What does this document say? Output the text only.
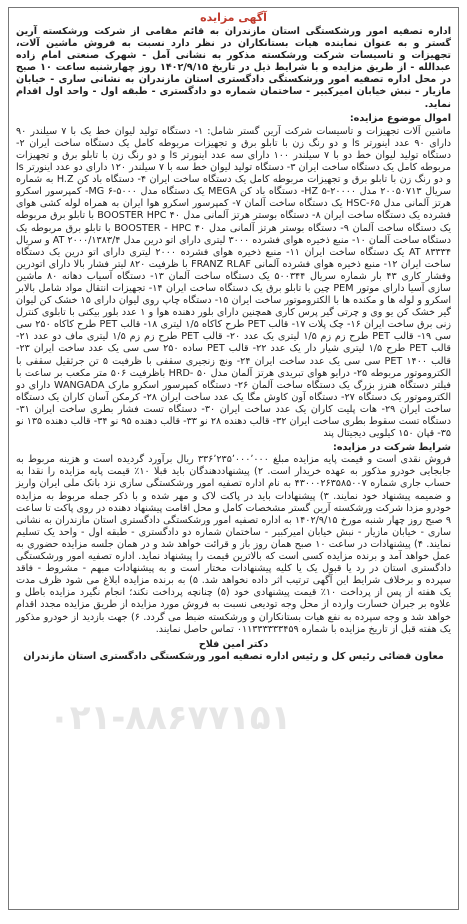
۰۲۱-۸۸۶۷۷۱۵۱
آگهی مزایده

اداره تصفیه امور ورشکستگی استان مازندران به قائم مقامی از شرکت ورشکسته آرین گستر و به عنوان نماینده هیات بستانکاران در نظر دارد نسبت به فروش ماشین آلات، تجهیزات و تاسیسات شرکت ورشکسته مذکور به نشانی آمل - شهرک صنعتی امام زاده عبدالله - از طریق مزایده و با شرایط ذیل در تاریخ ۱۴۰۲/۹/۱۵ روز چهارشنبه ساعت ۱۰ صبح در محل اداره تصفیه امور ورشکستگی دادگستری استان مازندران به نشانی ساری - خیابان مازیار - نبش خیابان امیرکبیر - ساختمان شماره دو دادگستری - طبقه اول - واحد اول اقدام نماید.

اموال موضوع مزایده:

ماشین آلات تجهیزات و تاسیسات شرکت آرین گستر شامل: ۱- دستگاه تولید لیوان خط یک با ۷ سیلندر ۹۰ دارای ۹۰ عدد اینورتر ls و دو رنگ زن با تابلو برق و تجهیزات مربوطه کامل یک دستگاه ساخت ایران ۲- دستگاه تولید لیوان خط دو با ۷ سیلندر ۱۰۰ دارای سه عدد اینورتر ls و دو رنگ زن با تابلو برق و تجهیزات مربوطه کامل یک دستگاه ساخت ایران ۳- دستگاه تولید لیوان خط سه با ۷ سیلندر ۱۲۰ دارای دو عدد اینورتر ls و دو رنگ زن با تابلو برق و تجهیزات مربوطه کامل یک دستگاه ساخت ایران ۴- دستگاه باد کن H.Z به شماره سریال ۲۰۰۵۰۷۱۳ مدل ۲۰۰۰۰-HZ ۵- دستگاه باد کن MEGA یک دستگاه مدل ۵۰۰۰-MG ۶- کمپرسور اسکرو هرتز آلمانی مدل HSC-۶۵ یک دستگاه ساخت آلمان ۷- کمپرسور اسکرو هوا ایران به همراه لوله کشی هوای فشرده یک دستگاه ساخت ایران ۸- دستگاه بوستر هرتز آلمانی مدل ۴۰ BOOSTER HPC با تابلو برق مربوطه یک دستگاه ساخت آلمان ۹- دستگاه بوستر هرتز آلمانی مدل ۴۰ BOOSTER - HPC با تابلو برق مربوطه یک دستگاه ساخت آلمان ۱۰- منبع ذخیره هوای فشرده ۳۰۰۰ لیتری دارای اتو درین مدل AT ۲۰۰۰/۱۳۸۳/۴ و سریال ۸۳۳۳۴ AT یک دستگاه ساخت ایران ۱۱- منبع ذخیره هوای فشرده ۲۰۰۰ لیتری دارای اتو درین یک دستگاه ساخت ایران ۱۲- منبع ذخیره هوای فشرده آلمانی FRANZ RLAF با ظرفیت ۸۲۰ لیتر فشار بالا دارای اتودرین وفشار کاری ۴۳ بار شماره سریال ۵۰۰۳۴۴ یک دستگاه ساخت آلمان ۱۳- دستگاه آسیاب دهانه ۸۰ ماشین سازی آسیا دارای موتور PEM چین با تابلو برق یک دستگاه ساخت ایران ۱۴- تجهیزات انتقال مواد شامل بالابر اسکرو و لوله ها و مکنده ها با الکتروموتور ساخت ایران ۱۵- دستگاه چاپ روی لیوان دارای ۱۵ خشک کن لیوان گیر خشک کن یو وی و چرتی گیر پرس کاری همچنین دارای بلور دهنده هوا و ۱ عدد بلور بیکنی با تابلوی کنترل زنی برق ساخت ایران ۱۶- چک پلات ۱۷- قالب PET طرح کاکاه ۱/۵ لیتری ۱۸- قالب PET طرح کاکاه ۲۵۰ سی سی ۱۹- قالب PET طرح زم زم ۱/۵ لیتری یک عدد ۲۰- قالب PET طرح زم زم ۱/۵ لیتری ماف دو عدد ۲۱- قالب PET طرح ۱/۵ لیتری شیار دار یک عدد ۲۲- قالب PET ساده ۲۵۰ سی سی یک عدد ساخت ایران ۲۳- قالب PET ۱۴۰۰ سی سی یک عدد ساخت ایران ۲۴- ونچ زنجیری سقفی با ظرفیت ۵ تن جرثقیل سقفی با الکتروموتور مربوطه ۲۵- درایو هوای تبریدی هرتز آلمان مدل HRD- ۵۰ باظرفیت ۵۰۶ متر مکعب بر ساعت با فیلتر دستگاه هنرز بزرگ یک دستگاه ساخت آلمان ۲۶- دستگاه کمپرسور اسکرو مارک WANGADA دارای دو الکتروموتور یک دستگاه ۲۷- دستگاه آون کاوش مگا یک عدد ساخت ایران ۲۸- کرمکن آسان کاران یک دستگاه ساخت ایران ۲۹- هات پلیت کاران یک عدد ساخت ایران ۳۰- دستگاه تست فشار بطری ساخت ایران ۳۱- دستگاه تست سقوط بطری ساخت ایران ۳۲- قالب دهنده ۲۸ نو ۳۳- قالب دهنده ۹۵ نو ۳۴- قالب دهنده ۱۳۵ نو ۳۵- قپان ۱۵۰ کیلویی دیجیتال پند

شرایط شرکت در مزایده:

فروش نقدی است و قیمت پایه مزایده مبلغ ۳۳۶٬۲۳۵٬۰۰۰٬۰۰۰ ریال برآورد گردیده است و هزینه مربوط به جابجایی خودرو مذکور به عهده خریدار است. ۲) پیشنهاددهندگان باید قبلا ۱۰٪ قیمت پایه مزایده را نقدا به حساب جاری شماره ۴۳۰۰۰۲۶۳۵۸۵۰۰۷ به نام اداره تصفیه امور ورشکستگی سازی نزد بانک ملی ایران واریز و ضمیمه پیشنهاد خود نمایند. ۳) پیشنهادات باید در پاکت لاک و مهر شده و با ذکر جمله مربوط به مزایده خودرو مزدا شرکت ورشکسته آرین گستر مشخصات کامل و محل اقامت پیشنهاد دهنده در روی پاکت تا ساعت ۹ صبح روز چهار شنبه مورخ ۱۴۰۲/۹/۱۵ به اداره تصفیه امور ورشکستگی دادگستری استان مازندران به نشانی ساری - خیابان مازیار - نبش خیابان امیرکبیر - ساختمان شماره دو دادگستری - طبقه اول - واحد یک تسلیم نمایند. ۴) پیشنهادات در ساعت ۱۰ صبح همان روز باز و قرائت خواهد شد و در همان جلسه مزایده حضوری به عمل خواهد آمد و برنده مزایده کسی است که بالاترین قیمت را پیشنهاد نماید. اداره تصفیه امور ورشکستگی دادگستری استان در رد یا قبول یک یا کلیه پیشنهادات مختار است و به پیشنهادات مبهم - مشروط - فاقد سپرده و برخلاف شرایط این آگهی ترتیب اثر داده نخواهد شد. ۵) به برنده مزایده ابلاغ می شود ظرف مدت یک هفته از پس از پرداخت ۱۰٪ قیمت پیشنهادی خود (۵) چنانچه پرداخت نکند؛ انجام نگیرد مزایده باطل و علاوه بر جبران خسارت وارده از محل وجه تودیعی نسبت به فروش مورد مزایده از طریق مزایده مجدد اقدام خواهد شد و وجه سپرده به نفع هیات بستانکاران و ورشکسته ضبط می گردد. ۶) جهت بازدید از خودرو مذکور یک هفته قبل از تاریخ مزایده با شماره ۰۱۱۳۳۳۳۳۳۴۵۹ تماس حاصل نمایند.

دکتر امین فلاح
معاون قضائی رئیس کل و رئیس اداره تصفیه امور ورشکستگی دادگستری استان مازندران
